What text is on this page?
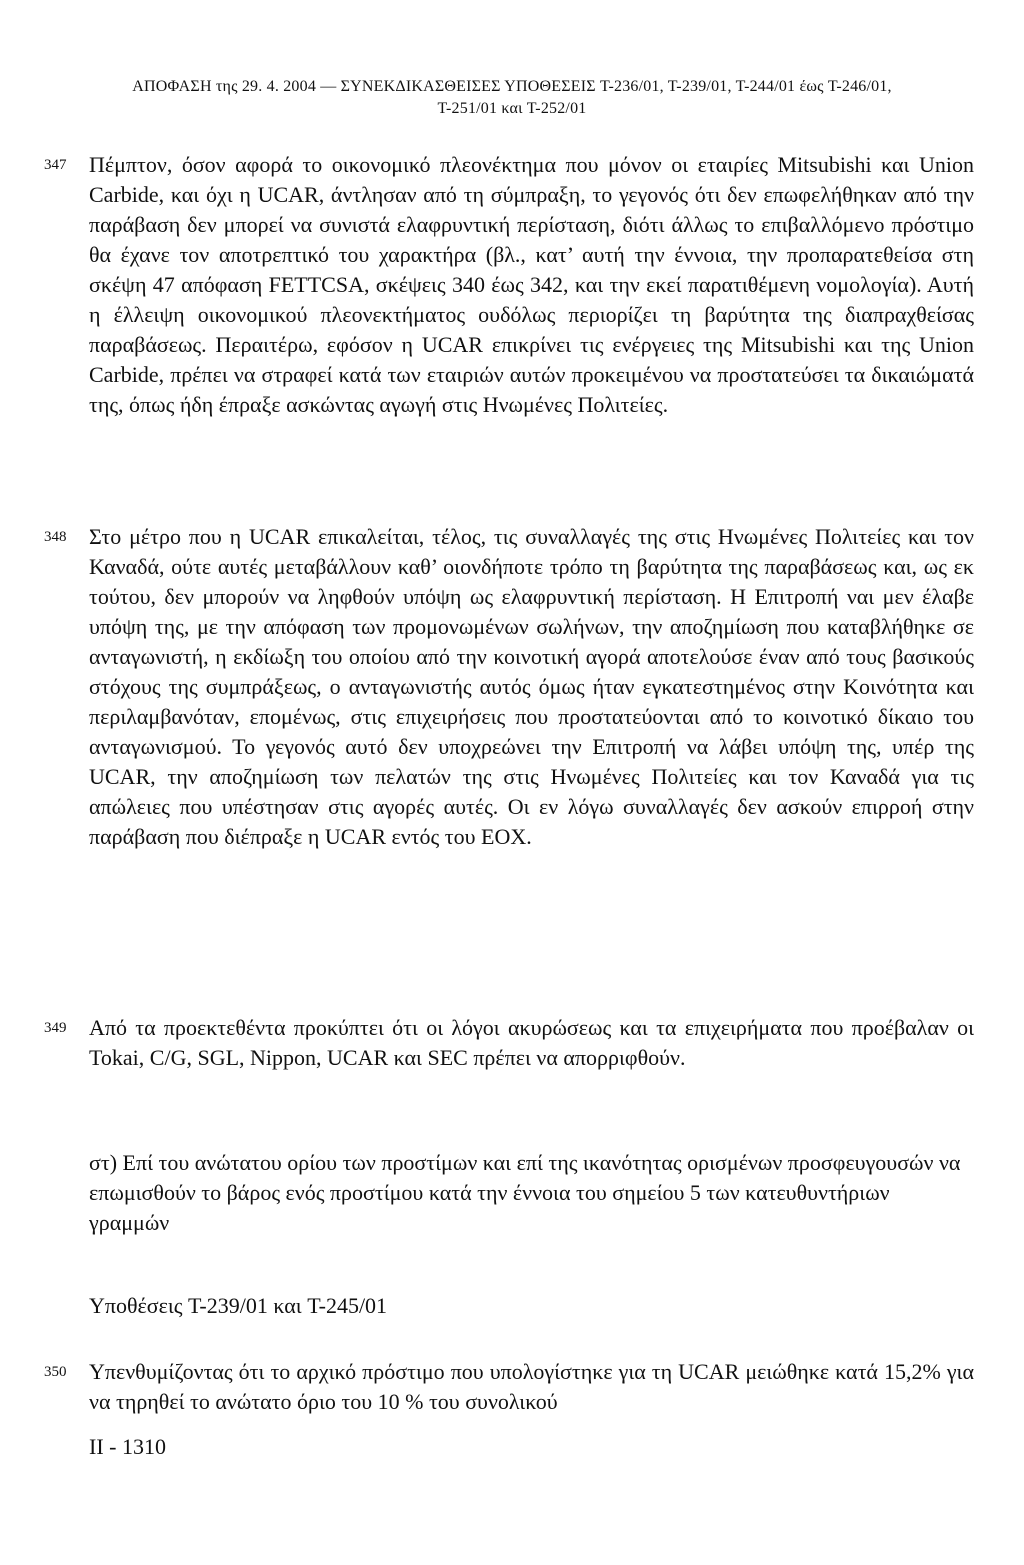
ΑΠΟΦΑΣΗ της 29. 4. 2004 — ΣΥΝΕΚΔΙΚΑΣΘΕΙΣΕΣ ΥΠΟΘΕΣΕΙΣ T-236/01, T-239/01, T-244/01 έως T-246/01,
T-251/01 και T-252/01
347 Πέμπτον, όσον αφορά το οικονομικό πλεονέκτημα που μόνον οι εταιρίες Mitsubishi και Union Carbide, και όχι η UCAR, άντλησαν από τη σύμπραξη, το γεγονός ότι δεν επωφελήθηκαν από την παράβαση δεν μπορεί να συνιστά ελαφρυντική περίσταση, διότι άλλως το επιβαλλόμενο πρόστιμο θα έχανε τον αποτρεπτικό του χαρακτήρα (βλ., κατ’ αυτή την έννοια, την προπαρατεθείσα στη σκέψη 47 απόφαση FETTCSA, σκέψεις 340 έως 342, και την εκεί παρατιθέμενη νομολογία). Αυτή η έλλειψη οικονομικού πλεονεκτήματος ουδόλως περιορίζει τη βαρύτητα της διαπραχθείσας παραβάσεως. Περαιτέρω, εφόσον η UCAR επικρίνει τις ενέργειες της Mitsubishi και της Union Carbide, πρέπει να στραφεί κατά των εταιριών αυτών προκειμένου να προστατεύσει τα δικαιώματά της, όπως ήδη έπραξε ασκώντας αγωγή στις Ηνωμένες Πολιτείες.

348 Στο μέτρο που η UCAR επικαλείται, τέλος, τις συναλλαγές της στις Ηνωμένες Πολιτείες και τον Καναδά, ούτε αυτές μεταβάλλουν καθ’ οιονδήποτε τρόπο τη βαρύτητα της παραβάσεως και, ως εκ τούτου, δεν μπορούν να ληφθούν υπόψη ως ελαφρυντική περίσταση. Η Επιτροπή ναι μεν έλαβε υπόψη της, με την απόφαση των προμονωμένων σωλήνων, την αποζημίωση που καταβλήθηκε σε ανταγωνιστή, η εκδίωξη του οποίου από την κοινοτική αγορά αποτελούσε έναν από τους βασικούς στόχους της συμπράξεως, ο ανταγωνιστής αυτός όμως ήταν εγκατεστημένος στην Κοινότητα και περιλαμβανόταν, επομένως, στις επιχειρήσεις που προστατεύονται από το κοινοτικό δίκαιο του ανταγωνισμού. Το γεγονός αυτό δεν υποχρεώνει την Επιτροπή να λάβει υπόψη της, υπέρ της UCAR, την αποζημίωση των πελατών της στις Ηνωμένες Πολιτείες και τον Καναδά για τις απώλειες που υπέστησαν στις αγορές αυτές. Οι εν λόγω συναλλαγές δεν ασκούν επιρροή στην παράβαση που διέπραξε η UCAR εντός του ΕΟΧ.

349 Από τα προεκτεθέντα προκύπτει ότι οι λόγοι ακυρώσεως και τα επιχειρήματα που προέβαλαν οι Tokai, C/G, SGL, Nippon, UCAR και SEC πρέπει να απορριφθούν.

στ) Επί του ανώτατου ορίου των προστίμων και επί της ικανότητας ορισμένων προσφευγουσών να επωμισθούν το βάρος ενός προστίμου κατά την έννοια του σημείου 5 των κατευθυντήριων γραμμών

Υποθέσεις T-239/01 και T-245/01

350 Υπενθυμίζοντας ότι το αρχικό πρόστιμο που υπολογίστηκε για τη UCAR μειώθηκε κατά 15,2% για να τηρηθεί το ανώτατο όριο του 10 % του συνολικού

II - 1310
